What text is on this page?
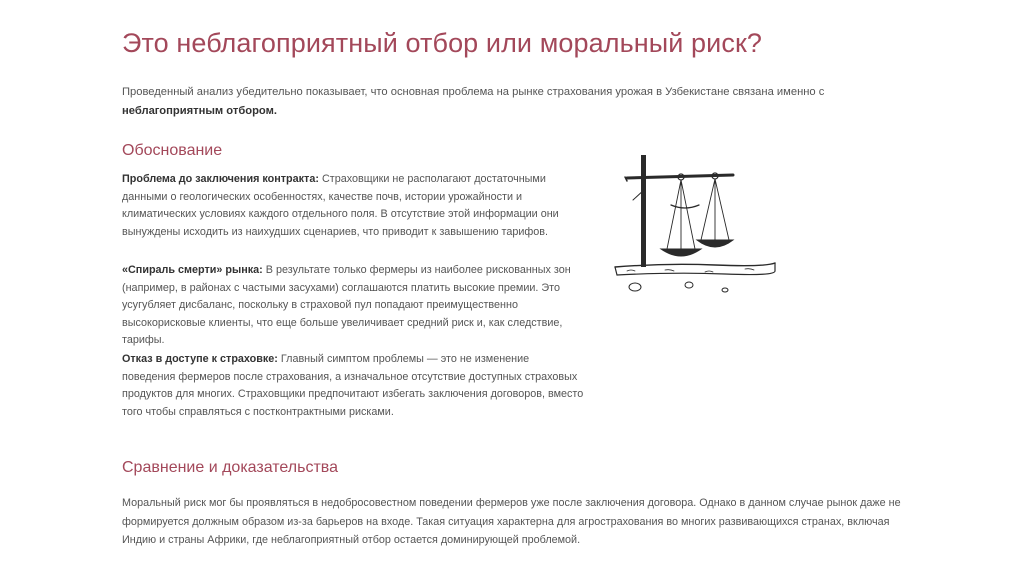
Это неблагоприятный отбор или моральный риск?

Проведенный анализ убедительно показывает, что основная проблема на рынке страхования урожая в Узбекистане связана именно с неблагоприятным отбором.

Обоснование

Проблема до заключения контракта: Страховщики не располагают достаточными данными о геологических особенностях, качестве почв, истории урожайности и климатических условиях каждого отдельного поля. В отсутствие этой информации они вынуждены исходить из наихудших сценариев, что приводит к завышению тарифов.

«Спираль смерти» рынка: В результате только фермеры из наиболее рискованных зон (например, в районах с частыми засухами) соглашаются платить высокие премии. Это усугубляет дисбаланс, поскольку в страховой пул попадают преимущественно высокорисковые клиенты, что еще больше увеличивает средний риск и, как следствие, тарифы.

Отказ в доступе к страховке: Главный симптом проблемы — это не изменение поведения фермеров после страхования, а изначальное отсутствие доступных страховых продуктов для многих. Страховщики предпочитают избегать заключения договоров, вместо того чтобы справляться с постконтрактными рисками.

Сравнение и доказательства

Моральный риск мог бы проявляться в недобросовестном поведении фермеров уже после заключения договора. Однако в данном случае рынок даже не формируется должным образом из-за барьеров на входе. Такая ситуация характерна для агрострахования во многих развивающихся странах, включая Индию и страны Африки, где неблагоприятный отбор остается доминирующей проблемой.
